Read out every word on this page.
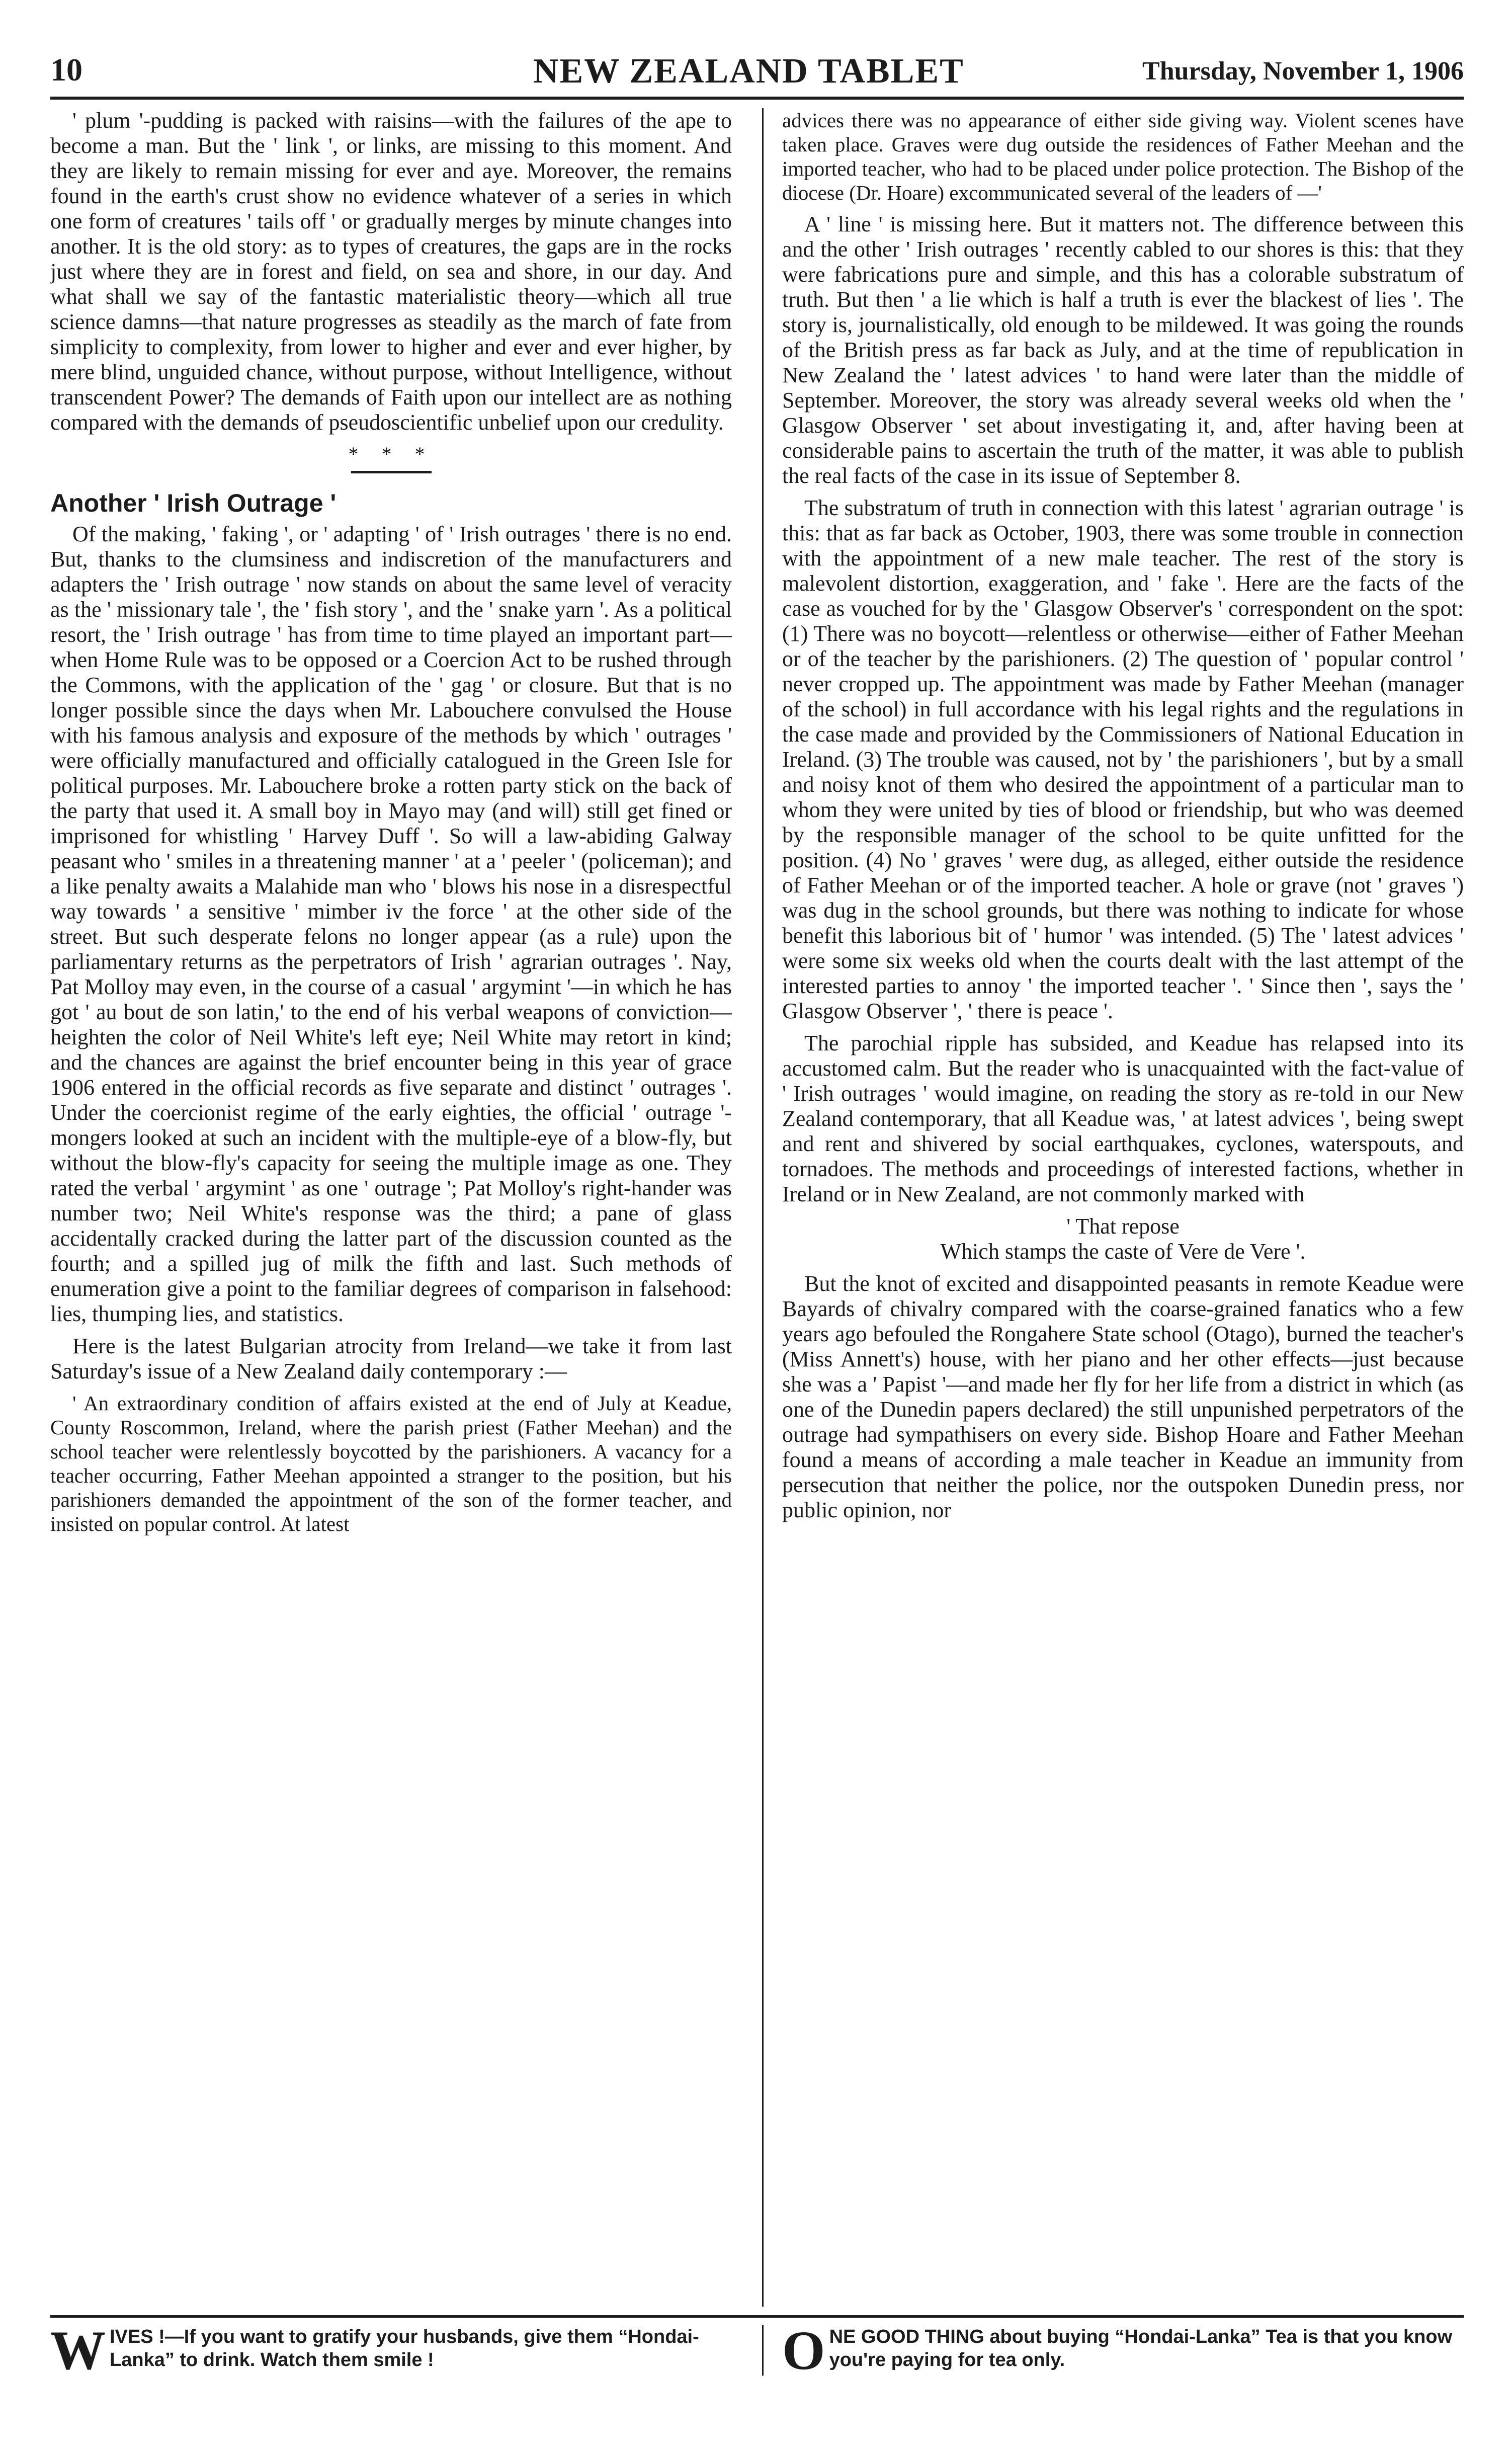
10	NEW ZEALAND TABLET	Thursday, November 1, 1906

' plum '-pudding is packed with raisins—with the failures of the ape to become a man. But the ' link ', or links, are missing to this moment. And they are likely to remain missing for ever and aye. Moreover, the remains found in the earth's crust show no evidence whatever of a series in which one form of creatures ' tails off ' or gradually merges by minute changes into another. It is the old story: as to types of creatures, the gaps are in the rocks just where they are in forest and field, on sea and shore, in our day. And what shall we say of the fantastic materialistic theory—which all true science damns—that nature progresses as steadily as the march of fate from simplicity to complexity, from lower to higher and ever and ever higher, by mere blind, unguided chance, without purpose, without Intelligence, without transcendent Power? The demands of Faith upon our intellect are as nothing compared with the demands of pseudoscientific unbelief upon our credulity.

* * *
Another ' Irish Outrage '

Of the making, ' faking ', or ' adapting ' of ' Irish outrages ' there is no end. But, thanks to the clumsiness and indiscretion of the manufacturers and adapters the ' Irish outrage ' now stands on about the same level of veracity as the ' missionary tale ', the ' fish story ', and the ' snake yarn '. As a political resort, the ' Irish outrage ' has from time to time played an important part—when Home Rule was to be opposed or a Coercion Act to be rushed through the Commons, with the application of the ' gag ' or closure. But that is no longer possible since the days when Mr. Labouchere convulsed the House with his famous analysis and exposure of the methods by which ' outrages ' were officially manufactured and officially catalogued in the Green Isle for political purposes. Mr. Labouchere broke a rotten party stick on the back of the party that used it. A small boy in Mayo may (and will) still get fined or imprisoned for whistling ' Harvey Duff '. So will a law-abiding Galway peasant who ' smiles in a threatening manner ' at a ' peeler ' (policeman); and a like penalty awaits a Malahide man who ' blows his nose in a disrespectful way towards ' a sensitive ' mimber iv the force ' at the other side of the street. But such desperate felons no longer appear (as a rule) upon the parliamentary returns as the perpetrators of Irish ' agrarian outrages '. Nay, Pat Molloy may even, in the course of a casual ' argymint '—in which he has got ' au bout de son latin,' to the end of his verbal weapons of conviction—heighten the color of Neil White's left eye; Neil White may retort in kind; and the chances are against the brief encounter being in this year of grace 1906 entered in the official records as five separate and distinct ' outrages '. Under the coercionist regime of the early eighties, the official ' outrage '-mongers looked at such an incident with the multiple-eye of a blow-fly, but without the blow-fly's capacity for seeing the multiple image as one. They rated the verbal ' argymint ' as one ' outrage '; Pat Molloy's right-hander was number two; Neil White's response was the third; a pane of glass accidentally cracked during the latter part of the discussion counted as the fourth; and a spilled jug of milk the fifth and last. Such methods of enumeration give a point to the familiar degrees of comparison in falsehood: lies, thumping lies, and statistics.

Here is the latest Bulgarian atrocity from Ireland—we take it from last Saturday's issue of a New Zealand daily contemporary :—

' An extraordinary condition of affairs existed at the end of July at Keadue, County Roscommon, Ireland, where the parish priest (Father Meehan) and the school teacher were relentlessly boycotted by the parishioners. A vacancy for a teacher occurring, Father Meehan appointed a stranger to the position, but his parishioners demanded the appointment of the son of the former teacher, and insisted on popular control. At latest

advices there was no appearance of either side giving way. Violent scenes have taken place. Graves were dug outside the residences of Father Meehan and the imported teacher, who had to be placed under police protection. The Bishop of the diocese (Dr. Hoare) excommunicated several of the leaders of —'

A ' line ' is missing here. But it matters not. The difference between this and the other ' Irish outrages ' recently cabled to our shores is this: that they were fabrications pure and simple, and this has a colorable substratum of truth. But then ' a lie which is half a truth is ever the blackest of lies '. The story is, journalistically, old enough to be mildewed. It was going the rounds of the British press as far back as July, and at the time of republication in New Zealand the ' latest advices ' to hand were later than the middle of September. Moreover, the story was already several weeks old when the ' Glasgow Observer ' set about investigating it, and, after having been at considerable pains to ascertain the truth of the matter, it was able to publish the real facts of the case in its issue of September 8.

The substratum of truth in connection with this latest ' agrarian outrage ' is this: that as far back as October, 1903, there was some trouble in connection with the appointment of a new male teacher. The rest of the story is malevolent distortion, exaggeration, and ' fake '. Here are the facts of the case as vouched for by the ' Glasgow Observer's ' correspondent on the spot: (1) There was no boycott—relentless or otherwise—either of Father Meehan or of the teacher by the parishioners. (2) The question of ' popular control ' never cropped up. The appointment was made by Father Meehan (manager of the school) in full accordance with his legal rights and the regulations in the case made and provided by the Commissioners of National Education in Ireland. (3) The trouble was caused, not by ' the parishioners ', but by a small and noisy knot of them who desired the appointment of a particular man to whom they were united by ties of blood or friendship, but who was deemed by the responsible manager of the school to be quite unfitted for the position. (4) No ' graves ' were dug, as alleged, either outside the residence of Father Meehan or of the imported teacher. A hole or grave (not ' graves ') was dug in the school grounds, but there was nothing to indicate for whose benefit this laborious bit of ' humor ' was intended. (5) The ' latest advices ' were some six weeks old when the courts dealt with the last attempt of the interested parties to annoy ' the imported teacher '. ' Since then ', says the ' Glasgow Observer ', ' there is peace '.

The parochial ripple has subsided, and Keadue has relapsed into its accustomed calm. But the reader who is unacquainted with the fact-value of ' Irish outrages ' would imagine, on reading the story as re-told in our New Zealand contemporary, that all Keadue was, ' at latest advices ', being swept and rent and shivered by social earthquakes, cyclones, waterspouts, and tornadoes. The methods and proceedings of interested factions, whether in Ireland or in New Zealand, are not commonly marked with

' That repose

Which stamps the caste of Vere de Vere '.

But the knot of excited and disappointed peasants in remote Keadue were Bayards of chivalry compared with the coarse-grained fanatics who a few years ago befouled the Rongahere State school (Otago), burned the teacher's (Miss Annett's) house, with her piano and her other effects—just because she was a ' Papist '—and made her fly for her life from a district in which (as one of the Dunedin papers declared) the still unpunished perpetrators of the outrage had sympathisers on every side. Bishop Hoare and Father Meehan found a means of according a male teacher in Keadue an immunity from persecution that neither the police, nor the outspoken Dunedin press, nor public opinion, nor

W IVES !—If you want to gratify your husbands, give them “Hondai-Lanka” to drink. Watch them smile !	O NE GOOD THING about buying “Hondai-Lanka” Tea is that you know you're paying for tea only.
